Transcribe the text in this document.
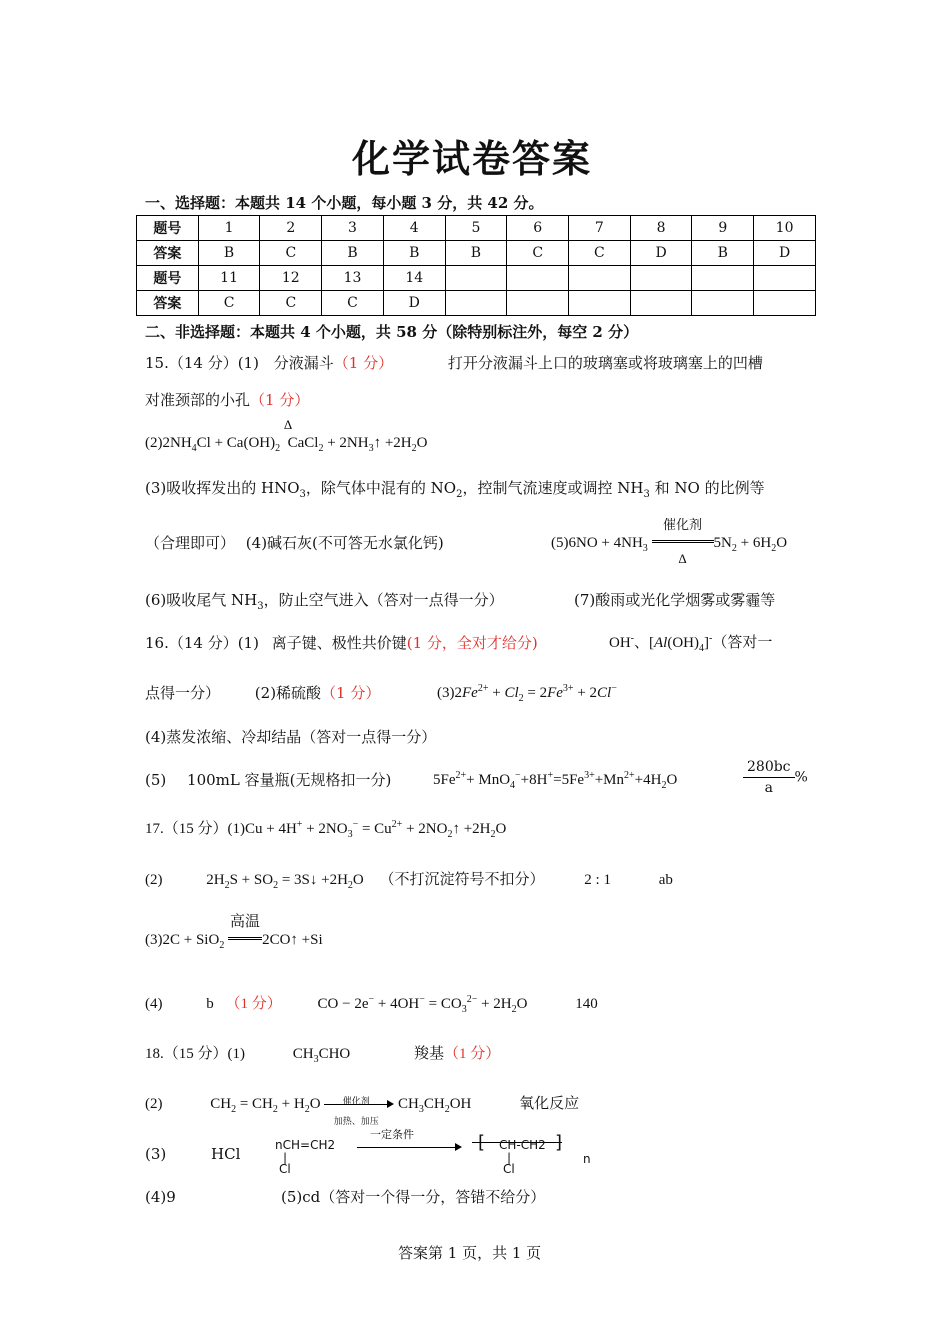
化学试卷答案
一、选择题：本题共 14 个小题，每小题 3 分，共 42 分。
题号	1	2	3	4	5	6	7	8	9	10
答案	B	C	B	B	B	C	C	D	B	D
题号	11	12	13	14						
答案	C	C	C	D						
二、非选择题：本题共 4 个小题，共 58 分（除特别标注外，每空 2 分）
15.（14 分）(1) 分液漏斗（1 分）	打开分液漏斗上口的玻璃塞或将玻璃塞上的凹槽
对准颈部的小孔（1 分）
$(2)2NH_4Cl + Ca(OH)_2$
Δ
CaCl$_2$ + $2NH_3↑ +2H_2O$
(3)吸收挥发出的 $HNO_3$，除气体中混有的 $NO_2$，控制气流速度或调控 $NH_3$ 和 NO 的比例等
（合理即可） (4)碱石灰(不可答无水氯化钙)	$(5)6NO + 4NH_3$
催化剂
Δ
$5N_2 + 6H_2O$
(6)吸收尾气 $NH_3$，防止空气进入（答对一点得一分）	(7)酸雨或光化学烟雾或雾霾等
16.（14 分）(1) 离子键、极性共价键(1 分，全对才给分)	OH-、$[Al(OH)_4]^-$（答对一
点得一分） (2)稀硫酸（1 分）	$(3)2Fe^{2+} + Cl_2 = 2Fe^{3+} + 2Cl^-$
(4)蒸发浓缩、冷却结晶（答对一点得一分）
(5) 100mL 容量瓶(无规格扣一分)	$5Fe^{2+}+ MnO_4^-+8H^+=5Fe^{3+}+Mn^{2+}+4H_2O$	$\frac{280bc}{a}$ %
17.（15 分）$(1)Cu + 4H^+ + 2NO_3^- = Cu^{2+}$ + $2NO_2↑ +2H_2O$
(2)	$2H_2S + SO_2$ = 3S↓ $+2H_2O$ （不打沉淀符号不扣分）	2 : 1	ab
(3)2C + SiO$_2$
高温
2CO↑ +Si
(4)	b （1 分） CO − $2e^- + 4OH^- = CO_3^{2-} + 2H_2O$	140
18.（15 分）(1)	$CH_3CHO$	羧基（1 分）
(2)	$CH_2 = CH_2 + H_2O$	催化剂
加热、加压
$CH_3CH_2OH$	氧化反应
(3)	HCl	nCH=CH2
|
Cl
一定条件	[ CH-CH2 ]
|
Cl
n
(4)9	(5)cd（答对一个得一分，答错不给分）
答案第 1 页，共 1 页
